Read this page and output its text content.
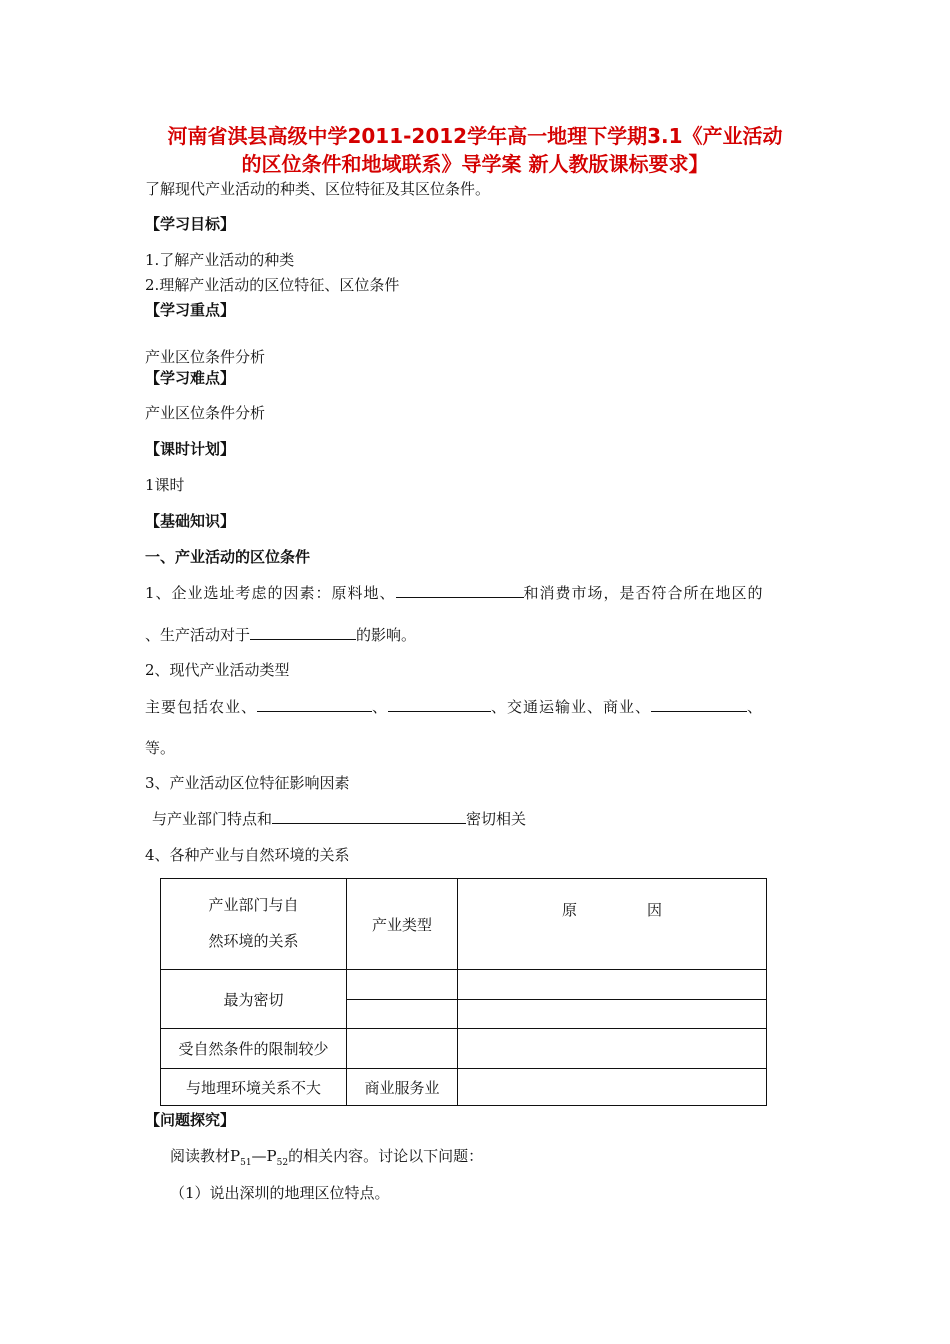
河南省淇县高级中学2011-2012学年高一地理下学期3.1《产业活动
的区位条件和地域联系》导学案 新人教版课标要求】
了解现代产业活动的种类、区位特征及其区位条件。
【学习目标】
1.了解产业活动的种类
2.理解产业活动的区位特征、区位条件
【学习重点】
产业区位条件分析
【学习难点】
产业区位条件分析
【课时计划】
1课时
【基础知识】
一、产业活动的区位条件
1、企业选址考虑的因素：原料地、	和消费市场，是否符合所在地区的
、生产活动对于	的影响。
2、现代产业活动类型
主要包括农业、	、	、交通运输业、商业、	、
等。
3、产业活动区位特征影响因素
与产业部门特点和	密切相关
4、各种产业与自然环境的关系
产业部门与自
然环境的关系	产业类型	原 因
最为密切		

受自然条件的限制较少		
与地理环境关系不大	商业服务业	
【问题探究】
阅读教材$P_{51}—P_{52}$的相关内容。讨论以下问题：
（1）说出深圳的地理区位特点。
